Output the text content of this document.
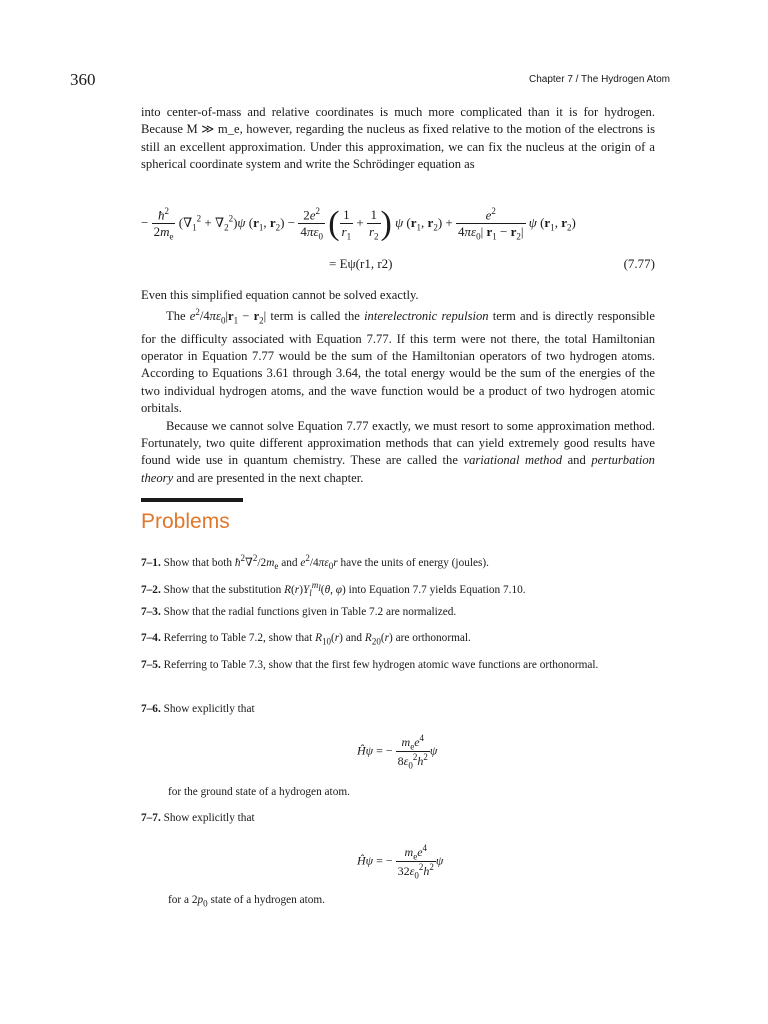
360	Chapter 7 / The Hydrogen Atom

into center-of-mass and relative coordinates is much more complicated than it is for hydrogen. Because M ≫ m_e, however, regarding the nucleus as fixed relative to the motion of the electrons is still an excellent approximation. Under this approximation, we can fix the nucleus at the origin of a spherical coordinate system and write the Schrödinger equation as

− $\frac{ħ^2}{2m_e} (\nabla_1^2 + \nabla_2^2)\psi$ ($r_1$, $r_2) - \frac{2e^2}{4\pi\varepsilon_0}$ ( $\frac{1}{r_1} + \frac{1}{r_2}$ ) ψ ($r_1$, $r_2) + \frac{e^2}{4\pi\varepsilon_0| r_1 - r_2|}$ ψ ($r_1$, $r_2$)
= Eψ(r1, r2)	(7.77)

Even this simplified equation cannot be solved exactly.

The $e^2/4\pi\varepsilon_0|r_1 - r_2|$ term is called the interelectronic repulsion term and is directly responsible for the difficulty associated with Equation 7.77. If this term were not there, the total Hamiltonian operator in Equation 7.77 would be the sum of the Hamiltonian operators of two hydrogen atoms. According to Equations 3.61 through 3.64, the total energy would be the sum of the energies of the two individual hydrogen atoms, and the wave function would be a product of two hydrogen atomic orbitals.

Because we cannot solve Equation 7.77 exactly, we must resort to some approximation method. Fortunately, two quite different approximation methods that can yield extremely good results have found wide use in quantum chemistry. These are called the variational method and perturbation theory and are presented in the next chapter.

Problems
7–1. Show that both $ħ^2\nabla^2/2m_e$ and $e^2/4\pi\varepsilon_0r$ have the units of energy (joules).
7–2. Show that the substitution $R(r)Y_l^{m_l}(\theta$, φ) into Equation 7.7 yields Equation 7.10.
7–3. Show that the radial functions given in Table 7.2 are normalized.
7–4. Referring to Table 7.2, show that $R_{10}(r)$ and $R_{20}(r)$ are orthonormal.
7–5. Referring to Table 7.3, show that the first few hydrogen atomic wave functions are orthonormal.
7–6. Show explicitly that
Ĥψ = − $\frac{m_ee^4}{8\varepsilon_0^2h^2}$ ψ
for the ground state of a hydrogen atom.
7–7. Show explicitly that
Ĥψ = − $\frac{m_ee^4}{32\varepsilon_0^2h^2}$ ψ
for a $2p_0$ state of a hydrogen atom.
